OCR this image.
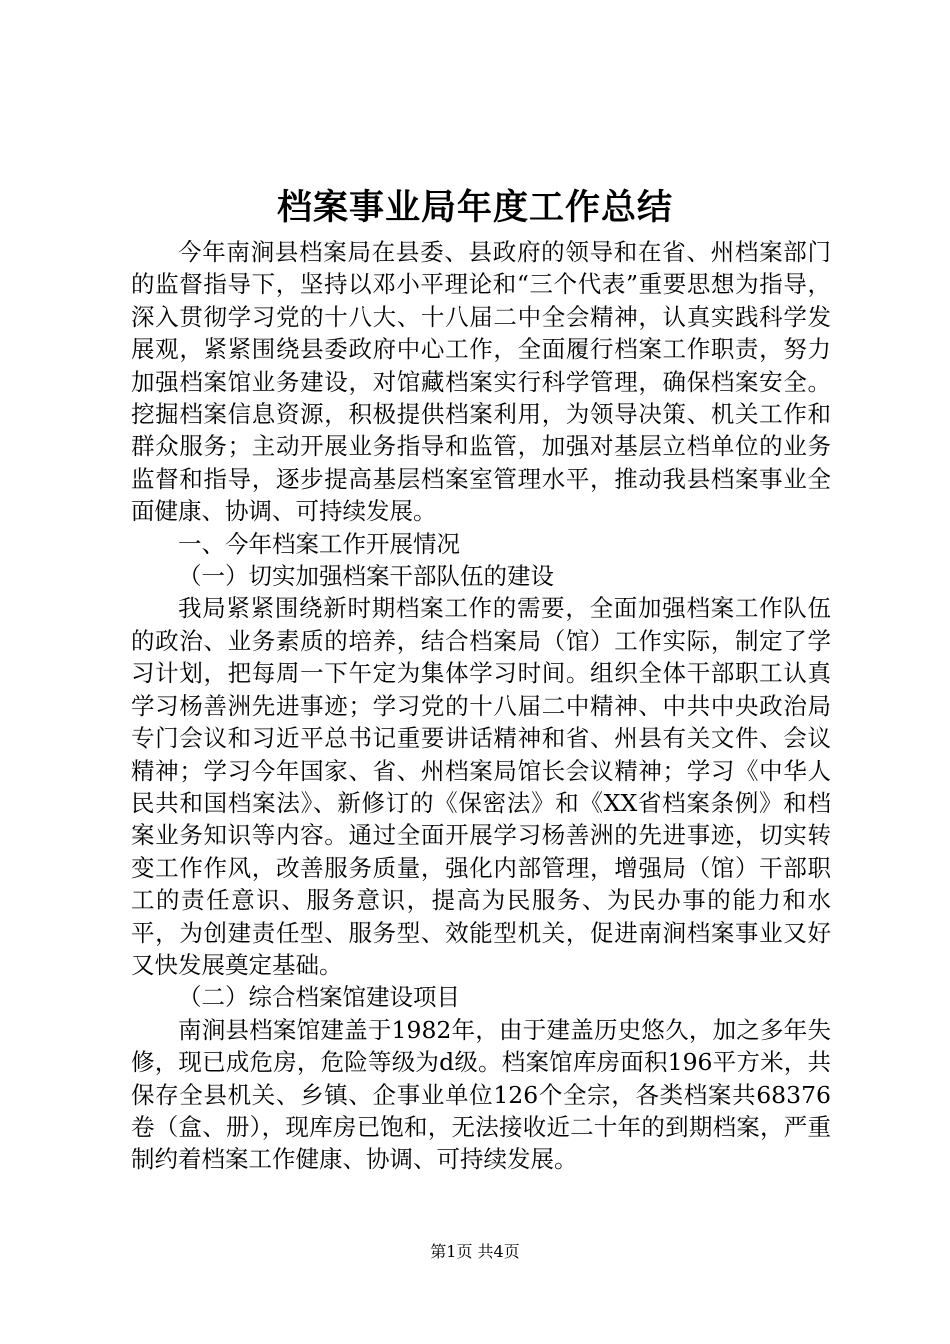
档案事业局年度工作总结

今年南涧县档案局在县委、县政府的领导和在省、州档案部门的监督指导下，坚持以邓小平理论和“三个代表”重要思想为指导，深入贯彻学习党的十八大、十八届二中全会精神，认真实践科学发展观，紧紧围绕县委政府中心工作，全面履行档案工作职责，努力加强档案馆业务建设，对馆藏档案实行科学管理，确保档案安全。挖掘档案信息资源，积极提供档案利用，为领导决策、机关工作和群众服务；主动开展业务指导和监管，加强对基层立档单位的业务监督和指导，逐步提高基层档案室管理水平，推动我县档案事业全面健康、协调、可持续发展。

一、今年档案工作开展情况

（一）切实加强档案干部队伍的建设

我局紧紧围绕新时期档案工作的需要，全面加强档案工作队伍的政治、业务素质的培养，结合档案局（馆）工作实际，制定了学习计划，把每周一下午定为集体学习时间。组织全体干部职工认真学习杨善洲先进事迹；学习党的十八届二中精神、中共中央政治局专门会议和习近平总书记重要讲话精神和省、州县有关文件、会议精神；学习今年国家、省、州档案局馆长会议精神；学习《中华人民共和国档案法》、新修订的《保密法》和《XX省档案条例》和档案业务知识等内容。通过全面开展学习杨善洲的先进事迹，切实转变工作作风，改善服务质量，强化内部管理，增强局（馆）干部职工的责任意识、服务意识，提高为民服务、为民办事的能力和水平，为创建责任型、服务型、效能型机关，促进南涧档案事业又好又快发展奠定基础。

（二）综合档案馆建设项目

南涧县档案馆建盖于1982年，由于建盖历史悠久，加之多年失修，现已成危房，危险等级为d级。档案馆库房面积196平方米，共保存全县机关、乡镇、企事业单位126个全宗，各类档案共68376卷（盒、册），现库房已饱和，无法接收近二十年的到期档案，严重制约着档案工作健康、协调、可持续发展。

第1页 共4页
